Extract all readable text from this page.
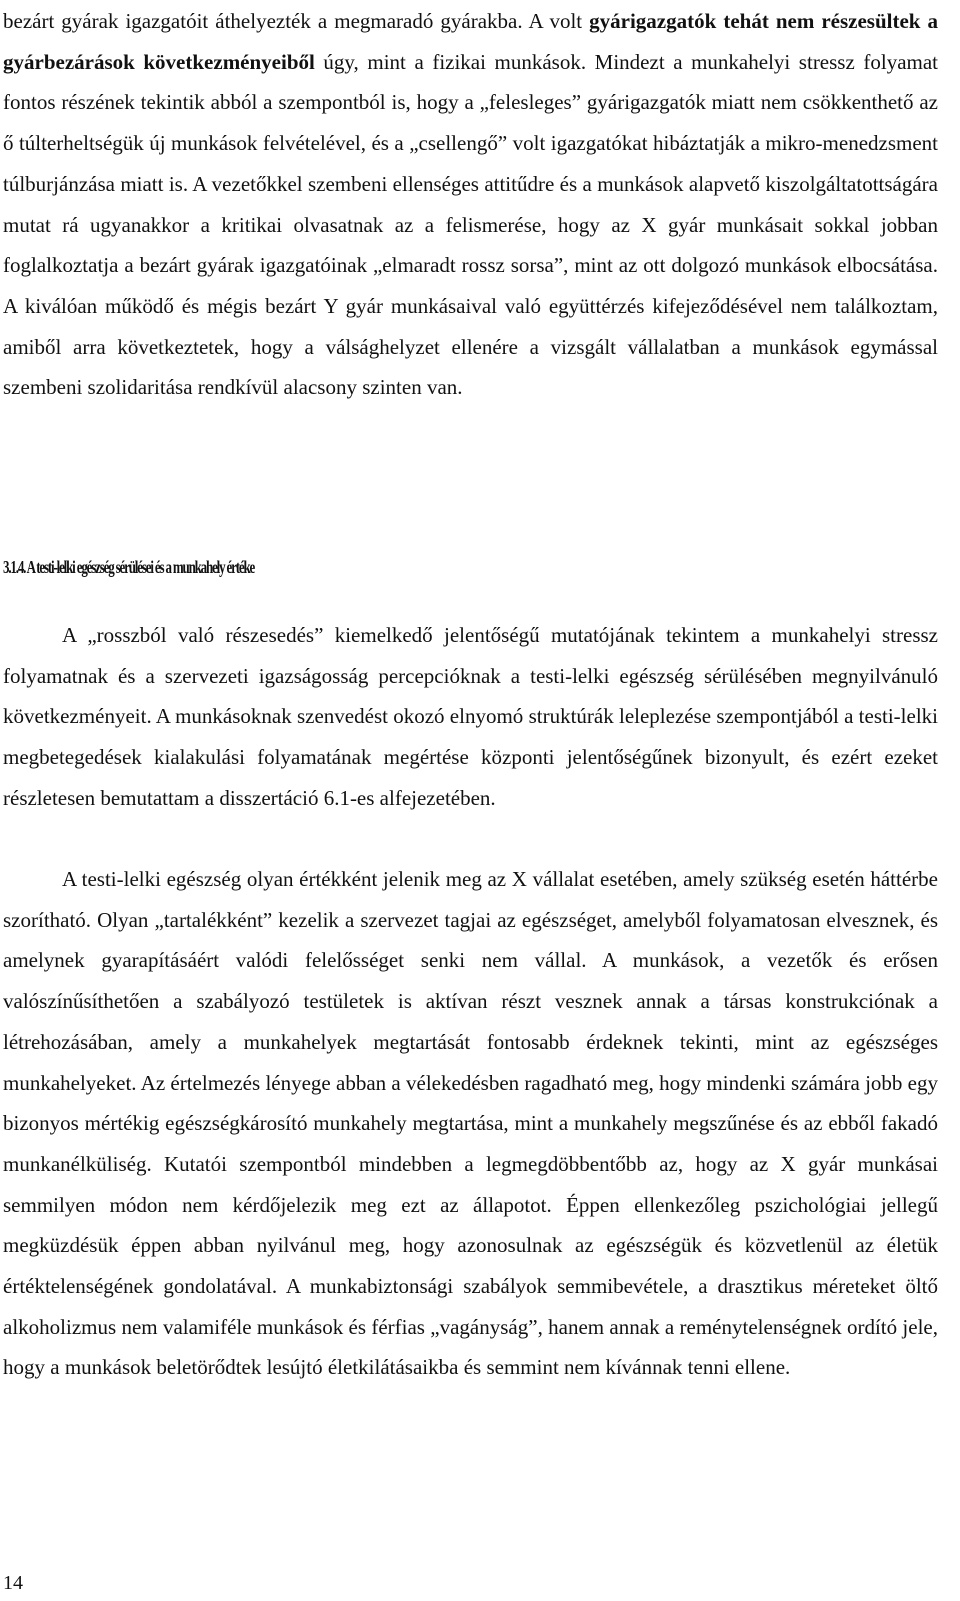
bezárt gyárak igazgatóit áthelyezték a megmaradó gyárakba. A volt gyárigazgatók tehát nem részesültek a gyárbezárások következményeiből úgy, mint a fizikai munkások. Mindezt a munkahelyi stressz folyamat fontos részének tekintik abból a szempontból is, hogy a „felesleges” gyárigazgatók miatt nem csökkenthető az ő túlterheltségük új munkások felvételével, és a „csellengő” volt igazgatókat hibáztatják a mikro-menedzsment túlburjánzása miatt is. A vezetőkkel szembeni ellenséges attitűdre és a munkások alapvető kiszolgáltatottságára mutat rá ugyanakkor a kritikai olvasatnak az a felismerése, hogy az X gyár munkásait sokkal jobban foglalkoztatja a bezárt gyárak igazgatóinak „elmaradt rossz sorsa”, mint az ott dolgozó munkások elbocsátása. A kiválóan működő és mégis bezárt Y gyár munkásaival való együttérzés kifejeződésével nem találkoztam, amiből arra következtetek, hogy a válsághelyzet ellenére a vizsgált vállalatban a munkások egymással szembeni szolidaritása rendkívül alacsony szinten van.

3.1.4. A testi-lelki egészség sérülései és a munkahely értéke

A „rosszból való részesedés” kiemelkedő jelentőségű mutatójának tekintem a munkahelyi stressz folyamatnak és a szervezeti igazságosság percepcióknak a testi-lelki egészség sérülésében megnyilvánuló következményeit. A munkásoknak szenvedést okozó elnyomó struktúrák leleplezése szempontjából a testi-lelki megbetegedések kialakulási folyamatának megértése központi jelentőségűnek bizonyult, és ezért ezeket részletesen bemutattam a disszertáció 6.1-es alfejezetében.

A testi-lelki egészség olyan értékként jelenik meg az X vállalat esetében, amely szükség esetén háttérbe szorítható. Olyan „tartalékként” kezelik a szervezet tagjai az egészséget, amelyből folyamatosan elvesznek, és amelynek gyarapításáért valódi felelősséget senki nem vállal. A munkások, a vezetők és erősen valószínűsíthetően a szabályozó testületek is aktívan részt vesznek annak a társas konstrukciónak a létrehozásában, amely a munkahelyek megtartását fontosabb érdeknek tekinti, mint az egészséges munkahelyeket. Az értelmezés lényege abban a vélekedésben ragadható meg, hogy mindenki számára jobb egy bizonyos mértékig egészségkárosító munkahely megtartása, mint a munkahely megszűnése és az ebből fakadó munkanélküliség. Kutatói szempontból mindebben a legmegdöbbentőbb az, hogy az X gyár munkásai semmilyen módon nem kérdőjelezik meg ezt az állapotot. Éppen ellenkezőleg pszichológiai jellegű megküzdésük éppen abban nyilvánul meg, hogy azonosulnak az egészségük és közvetlenül az életük értéktelenségének gondolatával. A munkabiztonsági szabályok semmibevétele, a drasztikus méreteket öltő alkoholizmus nem valamiféle munkások és férfias „vagányság”, hanem annak a reménytelenségnek ordító jele, hogy a munkások beletörődtek lesújtó életkilátásaikba és semmint nem kívánnak tenni ellene.

14
